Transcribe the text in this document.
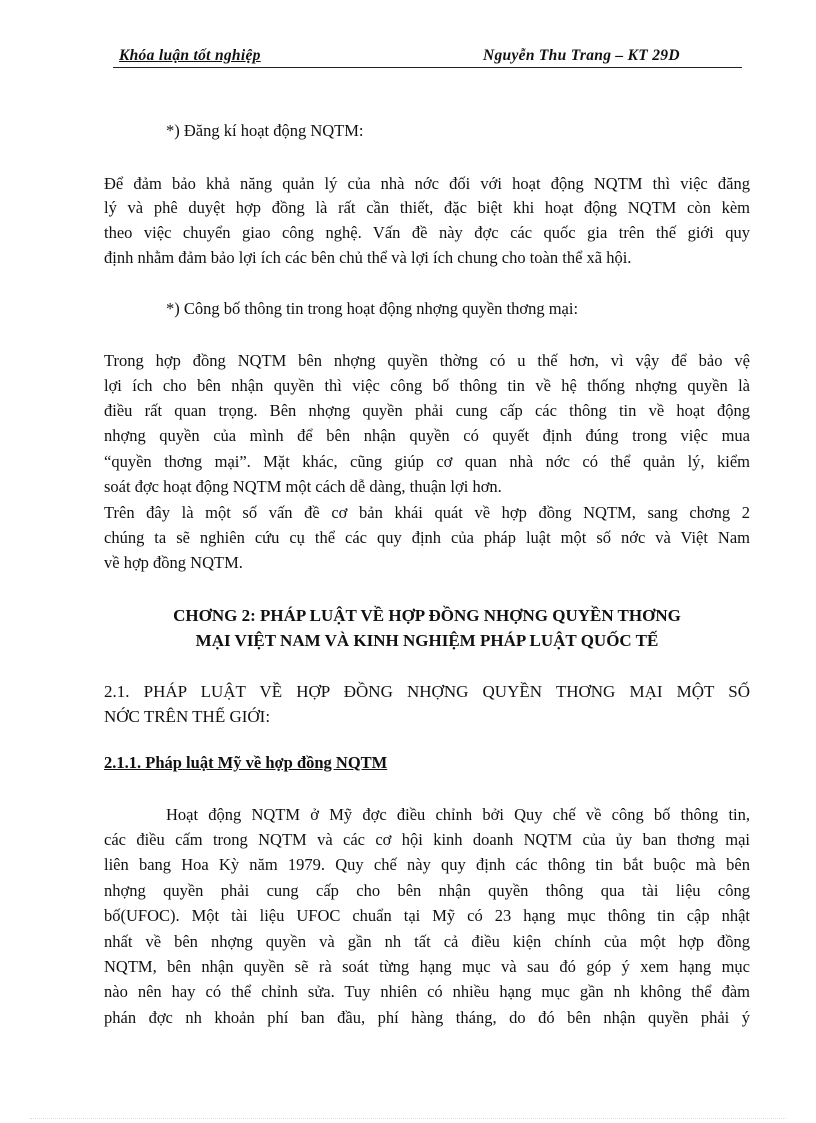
Khóa luận tốt nghiệp	Nguyễn Thu Trang – KT 29D
*) Đăng kí hoạt động NQTM:
Để đảm bảo khả năng quản lý của nhà nớc đối với hoạt động NQTM thì việc đăng
lý và phê duyệt hợp đồng là rất cần thiết, đặc biệt khi hoạt động NQTM còn kèm
theo việc chuyển giao công nghệ. Vấn đề này đợc các quốc gia trên thế giới quy
định nhằm đảm bảo lợi ích các bên chủ thể và lợi ích chung cho toàn thể xã hội.
*) Công bố thông tin trong hoạt động nhợng quyền thơng mại:
Trong hợp đồng NQTM bên nhợng quyền thờng có u thế hơn, vì vậy để bảo vệ
lợi ích cho bên nhận quyền thì việc công bố thông tin về hệ thống nhợng quyền là
điều rất quan trọng. Bên nhợng quyền phải cung cấp các thông tin về hoạt động
nhợng quyền của mình để bên nhận quyền có quyết định đúng trong việc mua
“quyền thơng mại”. Mặt khác, cũng giúp cơ quan nhà nớc có thể quản lý, kiểm
soát đợc hoạt động NQTM một cách dễ dàng, thuận lợi hơn.
Trên đây là một số vấn đề cơ bản khái quát về hợp đồng NQTM, sang chơng 2
chúng ta sẽ nghiên cứu cụ thể các quy định của pháp luật một số nớc và Việt Nam
về hợp đồng NQTM.
CHƠNG 2: PHÁP LUẬT VỀ HỢP ĐỒNG NHỢNG QUYỀN THƠNG
MẠI VIỆT NAM VÀ KINH NGHIỆM PHÁP LUẬT QUỐC TẾ
2.1. PHÁP LUẬT VỀ HỢP ĐỒNG NHỢNG QUYỀN THƠNG MẠI MỘT SỐ
NỚC TRÊN THẾ GIỚI:
2.1.1. Pháp luật Mỹ về hợp đồng NQTM
Hoạt động NQTM ở Mỹ đợc điều chỉnh bởi Quy chế về công bố thông tin,
các điều cấm trong NQTM và các cơ hội kinh doanh NQTM của ủy ban thơng mại
liên bang Hoa Kỳ năm 1979. Quy chế này quy định các thông tin bắt buộc mà bên
nhợng quyền phải cung cấp cho bên nhận quyền thông qua tài liệu công
bố(UFOC). Một tài liệu UFOC chuẩn tại Mỹ có 23 hạng mục thông tin cập nhật
nhất về bên nhợng quyền và gần nh tất cả điều kiện chính của một hợp đồng
NQTM, bên nhận quyền sẽ rà soát từng hạng mục và sau đó góp ý xem hạng mục
nào nên hay có thể chỉnh sửa. Tuy nhiên có nhiều hạng mục gần nh không thể đàm
phán đợc nh khoản phí ban đầu, phí hàng tháng, do đó bên nhận quyền phải ý
